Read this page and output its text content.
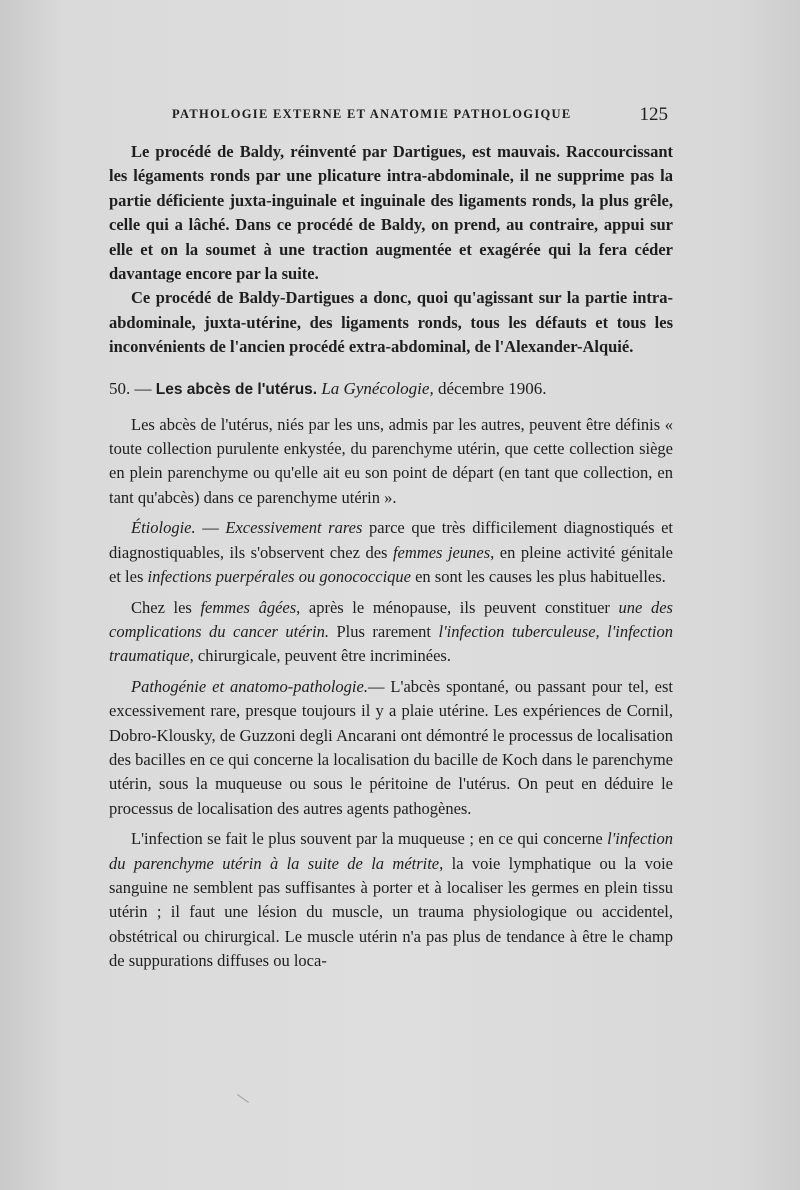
PATHOLOGIE EXTERNE ET ANATOMIE PATHOLOGIQUE	125

Le procédé de Baldy, réinventé par Dartigues, est mauvais. Raccourcissant les légaments ronds par une plicature intra-abdominale, il ne supprime pas la partie déficiente juxta-inguinale et inguinale des ligaments ronds, la plus grêle, celle qui a lâché. Dans ce procédé de Baldy, on prend, au contraire, appui sur elle et on la soumet à une traction augmentée et exagérée qui la fera céder davantage encore par la suite.

Ce procédé de Baldy-Dartigues a donc, quoi qu'agissant sur la partie intra-abdominale, juxta-utérine, des ligaments ronds, tous les défauts et tous les inconvénients de l'ancien procédé extra-abdominal, de l'Alexander-Alquié.

50. — Les abcès de l'utérus. La Gynécologie, décembre 1906.

Les abcès de l'utérus, niés par les uns, admis par les autres, peuvent être définis « toute collection purulente enkystée, du parenchyme utérin, que cette collection siège en plein parenchyme ou qu'elle ait eu son point de départ (en tant que collection, en tant qu'abcès) dans ce parenchyme utérin ».

Étiologie. — Excessivement rares parce que très difficilement diagnostiqués et diagnostiquables, ils s'observent chez des femmes jeunes, en pleine activité génitale et les infections puerpérales ou gonococcique en sont les causes les plus habituelles.

Chez les femmes âgées, après le ménopause, ils peuvent constituer une des complications du cancer utérin. Plus rarement l'infection tuberculeuse, l'infection traumatique, chirurgicale, peuvent être incriminées.

Pathogénie et anatomo-pathologie.— L'abcès spontané, ou passant pour tel, est excessivement rare, presque toujours il y a plaie utérine. Les expériences de Cornil, Dobro-Klousky, de Guzzoni degli Ancarani ont démontré le processus de localisation des bacilles en ce qui concerne la localisation du bacille de Koch dans le parenchyme utérin, sous la muqueuse ou sous le péritoine de l'utérus. On peut en déduire le processus de localisation des autres agents pathogènes.

L'infection se fait le plus souvent par la muqueuse ; en ce qui concerne l'infection du parenchyme utérin à la suite de la métrite, la voie lymphatique ou la voie sanguine ne semblent pas suffisantes à porter et à localiser les germes en plein tissu utérin ; il faut une lésion du muscle, un trauma physiologique ou accidentel, obstétrical ou chirurgical. Le muscle utérin n'a pas plus de tendance à être le champ de suppurations diffuses ou loca-
